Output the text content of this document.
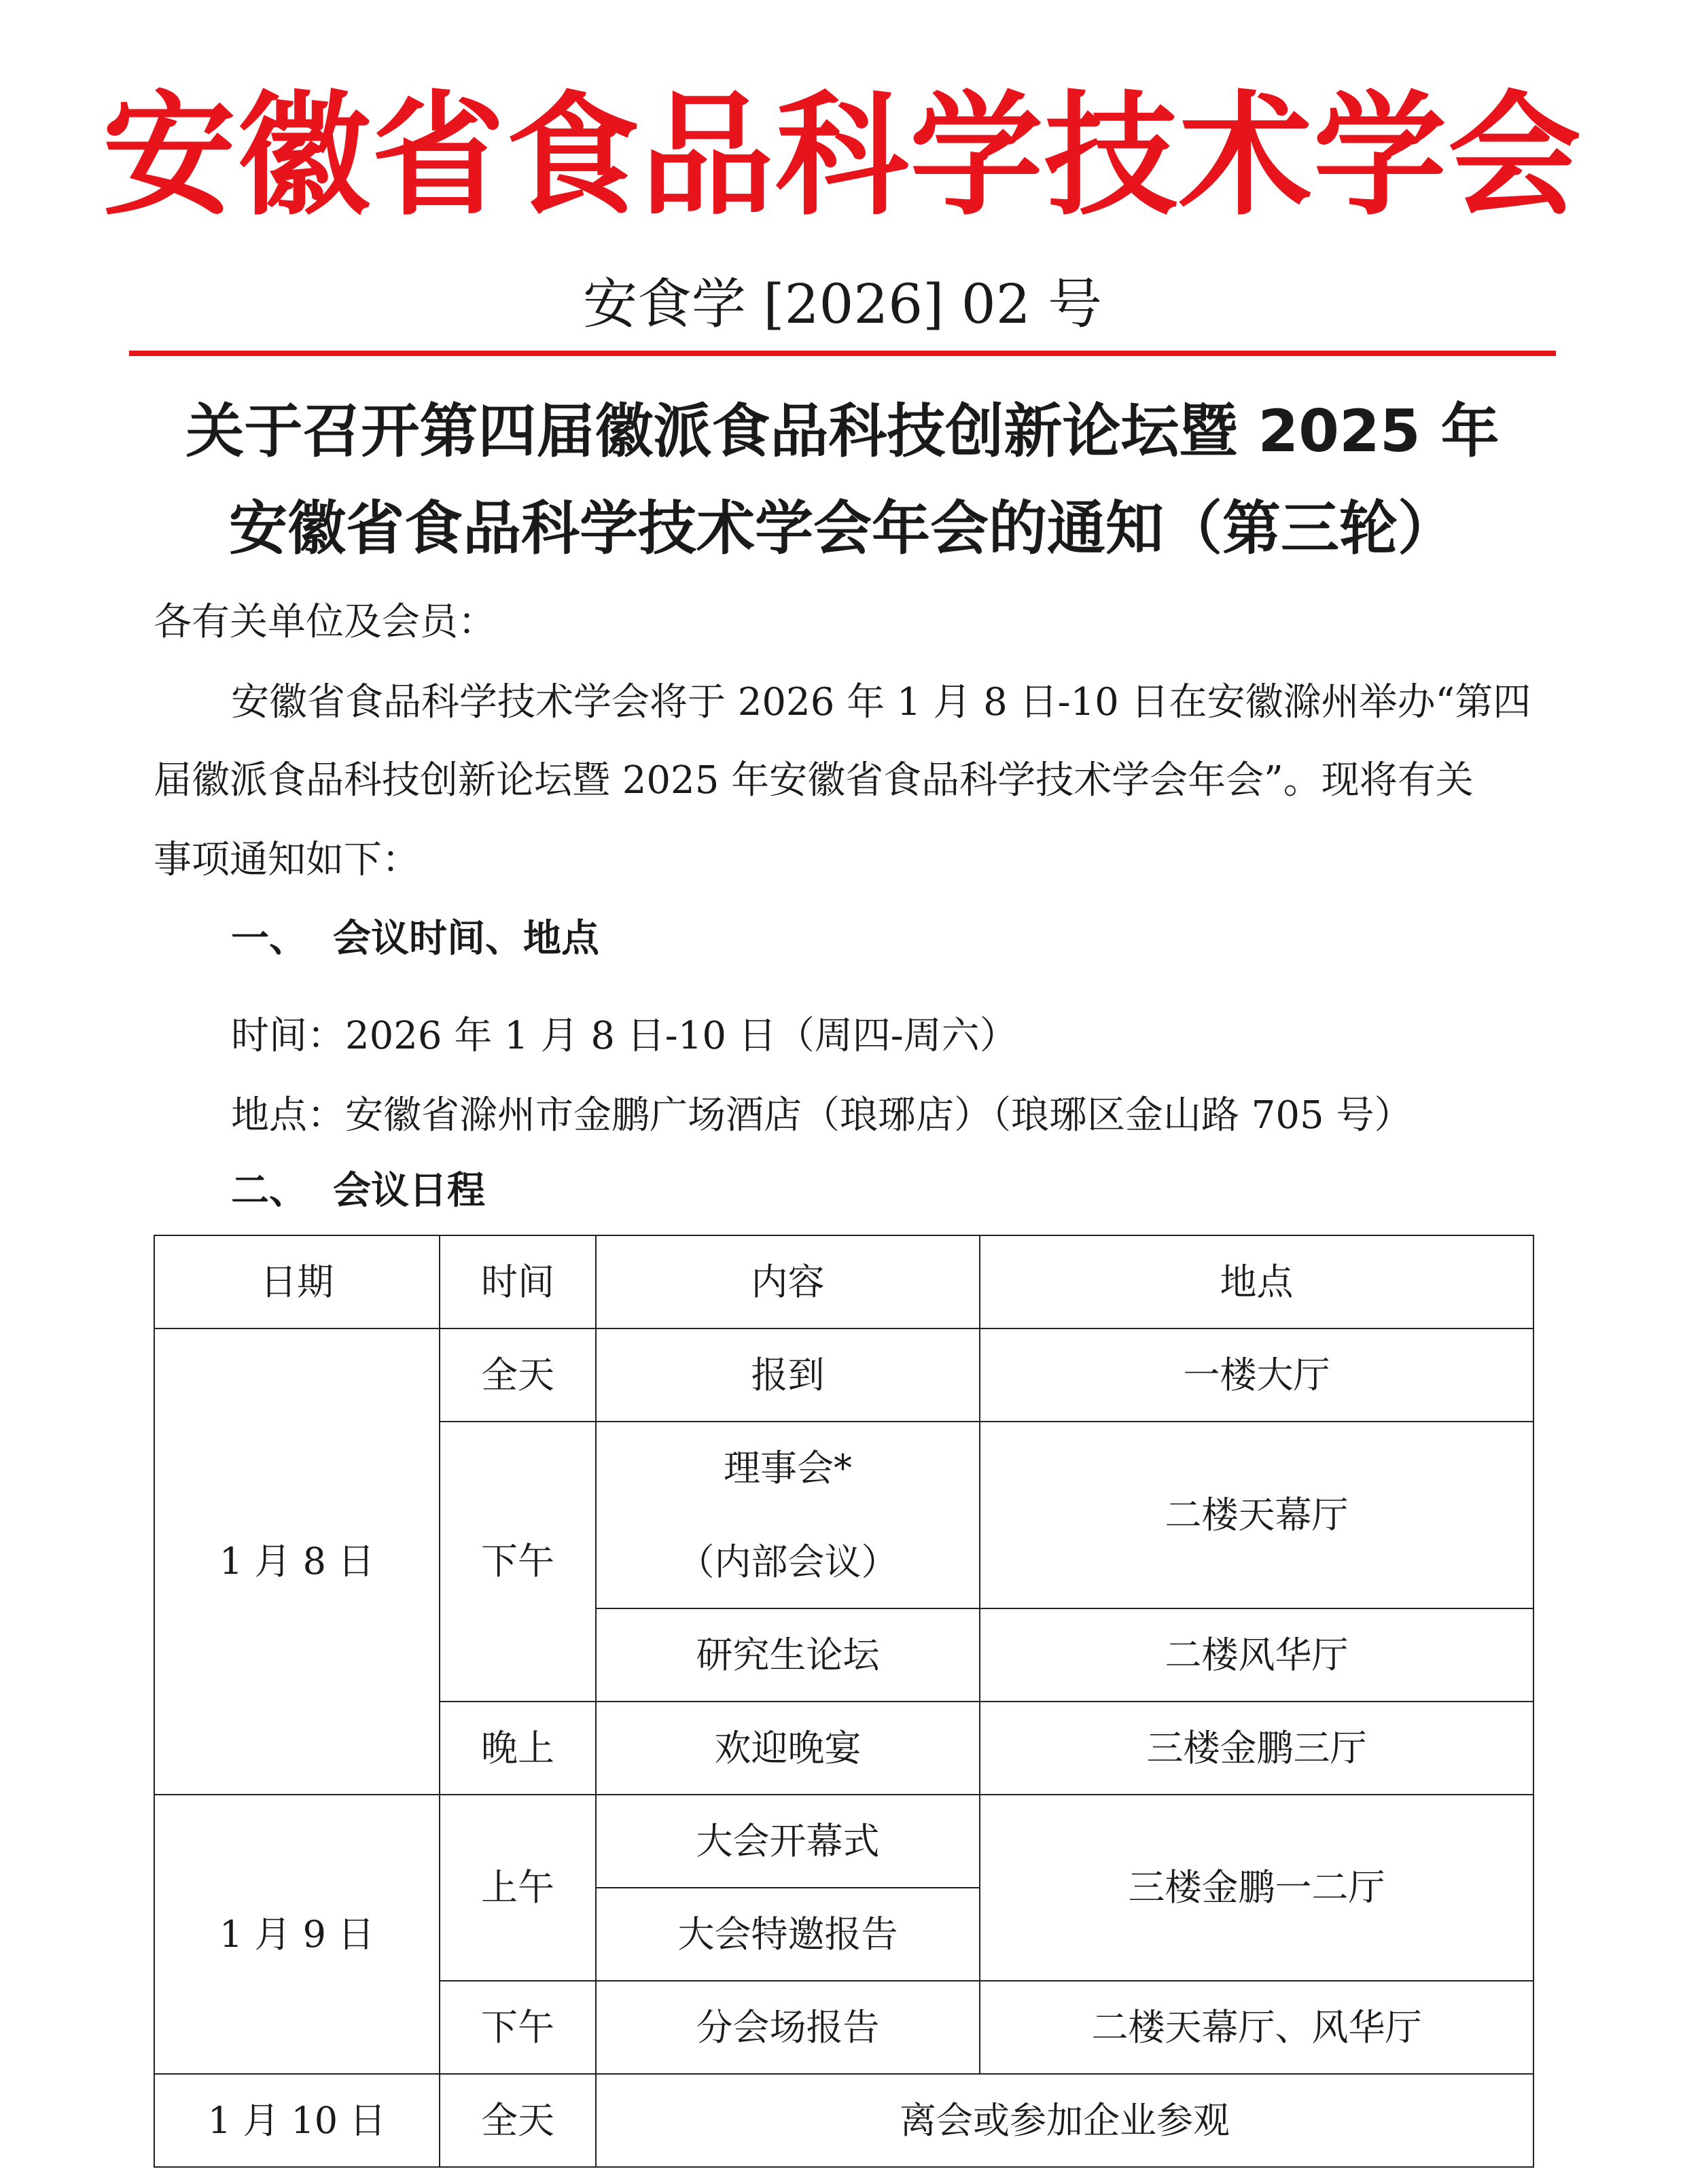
安徽省食品科学技术学会
安食学 [2026] 02 号
关于召开第四届徽派食品科技创新论坛暨 2025 年
安徽省食品科学技术学会年会的通知（第三轮）
各有关单位及会员：
安徽省食品科学技术学会将于 2026 年 1 月 8 日-10 日在安徽滁州举办“第四
届徽派食品科技创新论坛暨 2025 年安徽省食品科学技术学会年会”。现将有关
事项通知如下：
一、 会议时间、地点
时间：2026 年 1 月 8 日-10 日（周四-周六）
地点：安徽省滁州市金鹏广场酒店（琅琊店）（琅琊区金山路 705 号）
二、 会议日程
日期	时间	内容	地点
1 月 8 日	全天	报到	一楼大厅
	下午	理事会*
（内部会议）	二楼天幕厅
		研究生论坛	二楼风华厅
	晚上	欢迎晚宴	三楼金鹏三厅
1 月 9 日	上午	大会开幕式	三楼金鹏一二厅
		大会特邀报告	
	下午	分会场报告	二楼天幕厅、风华厅
1 月 10 日	全天	离会或参加企业参观	
